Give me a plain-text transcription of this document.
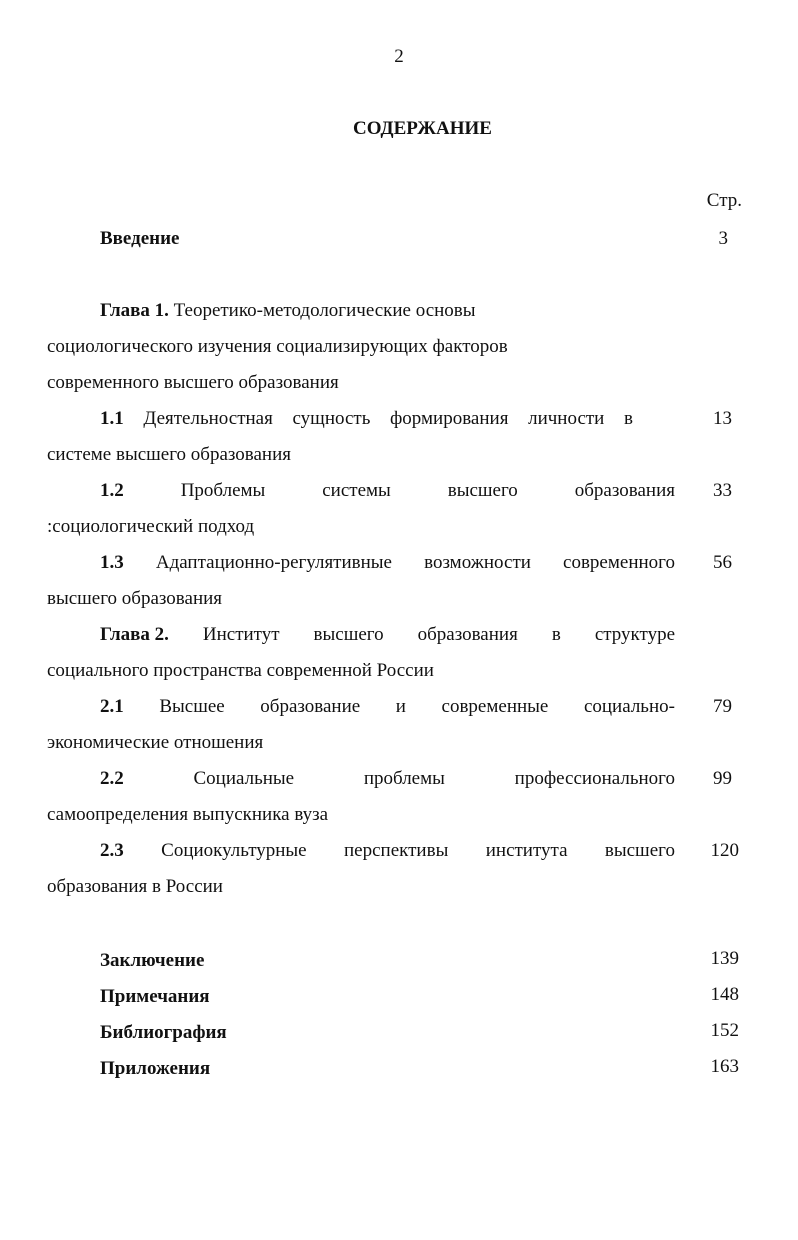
2
СОДЕРЖАНИЕ
Стр.
Введение	3
Глава 1. Теоретико-методологические основы
социологического изучения социализирующих факторов
современного высшего образования
1.1 Деятельностная сущность формирования личности в	13
системе высшего образования
1.2	Проблемы	системы	высшего	образования	33
:социологический подход
1.3 Адаптационно-регулятивные возможности современного	56
высшего образования
Глава 2. Институт высшего образования в структуре
социального пространства современной России
2.1 Высшее образование и современные социально-	79
экономические отношения
2.2	Социальные	проблемы	профессионального	99
самоопределения выпускника вуза
2.3 Социокультурные перспективы института высшего	120
образования в России
Заключение	139
Примечания	148
Библиография	152
Приложения	163
